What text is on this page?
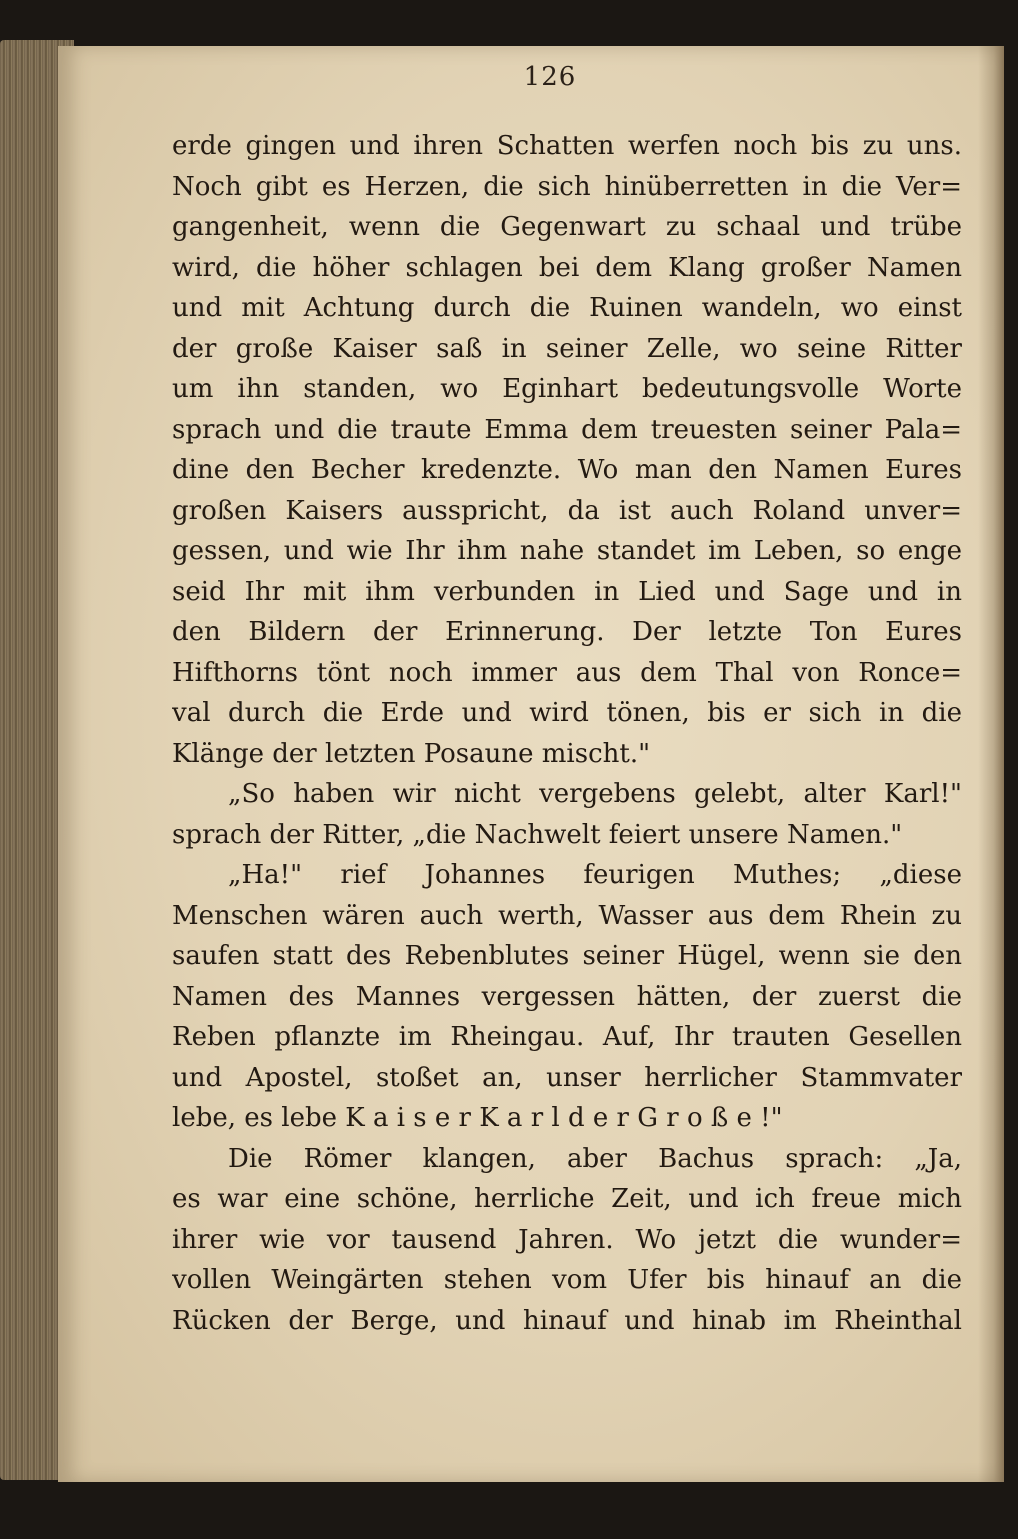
126
erde gingen und ihren Schatten werfen noch bis zu uns.
Noch gibt es Herzen, die sich hinüberretten in die Ver=
gangenheit, wenn die Gegenwart zu schaal und trübe
wird, die höher schlagen bei dem Klang großer Namen
und mit Achtung durch die Ruinen wandeln, wo einst
der große Kaiser saß in seiner Zelle, wo seine Ritter
um ihn standen, wo Eginhart bedeutungsvolle Worte
sprach und die traute Emma dem treuesten seiner Pala=
dine den Becher kredenzte. Wo man den Namen Eures
großen Kaisers ausspricht, da ist auch Roland unver=
gessen, und wie Ihr ihm nahe standet im Leben, so enge
seid Ihr mit ihm verbunden in Lied und Sage und in
den Bildern der Erinnerung. Der letzte Ton Eures
Hifthorns tönt noch immer aus dem Thal von Ronce=
val durch die Erde und wird tönen, bis er sich in die
Klänge der letzten Posaune mischt."
„So haben wir nicht vergebens gelebt, alter Karl!"
sprach der Ritter, „die Nachwelt feiert unsere Namen."
„Ha!" rief Johannes feurigen Muthes; „diese
Menschen wären auch werth, Wasser aus dem Rhein zu
saufen statt des Rebenblutes seiner Hügel, wenn sie den
Namen des Mannes vergessen hätten, der zuerst die
Reben pflanzte im Rheingau. Auf, Ihr trauten Gesellen
und Apostel, stoßet an, unser herrlicher Stammvater
lebe, es lebe K a i s e r K a r l d e r G r o ß e !"
Die Römer klangen, aber Bachus sprach: „Ja,
es war eine schöne, herrliche Zeit, und ich freue mich
ihrer wie vor tausend Jahren. Wo jetzt die wunder=
vollen Weingärten stehen vom Ufer bis hinauf an die
Rücken der Berge, und hinauf und hinab im Rheinthal
